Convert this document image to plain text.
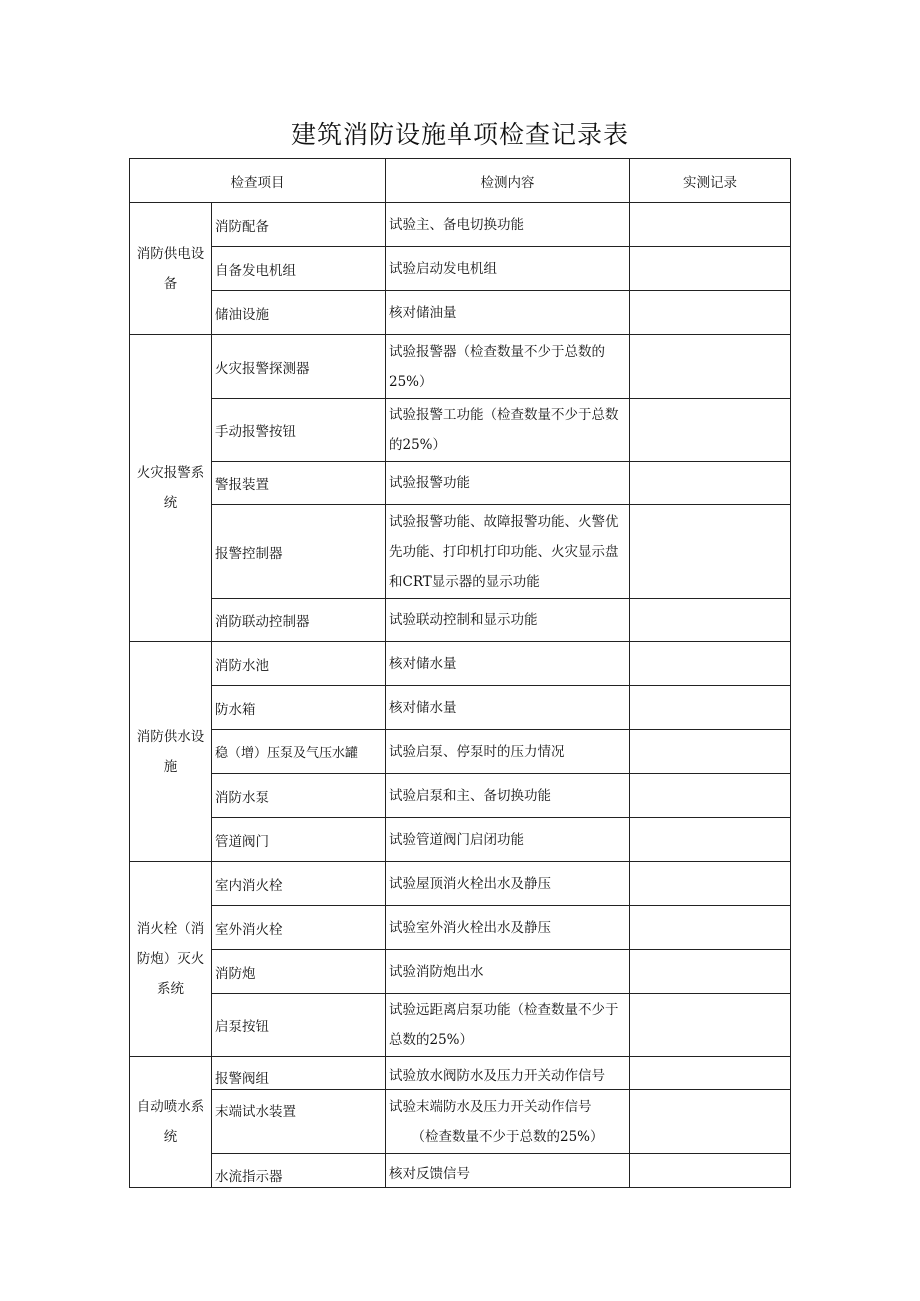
建筑消防设施单项检查记录表
检查项目		检测内容	实测记录
消防供电设备	消防配备	试验主、备电切换功能	
	自备发电机组	试验启动发电机组	
	储油设施	核对储油量	
火灾报警系统	火灾报警探测器	试验报警器（检查数量不少于总数的25%）	
	手动报警按钮	试验报警工功能（检查数量不少于总数的25%）	
	警报装置	试验报警功能	
	报警控制器	试验报警功能、故障报警功能、火警优先功能、打印机打印功能、火灾显示盘和CRT显示器的显示功能	
	消防联动控制器	试验联动控制和显示功能	
消防供水设施	消防水池	核对储水量	
	防水箱	核对储水量	
	稳（增）压泵及气压水罐	试验启泵、停泵时的压力情况	
	消防水泵	试验启泵和主、备切换功能	
	管道阀门	试验管道阀门启闭功能	
消火栓（消防炮）灭火系统	室内消火栓	试验屋顶消火栓出水及静压	
	室外消火栓	试验室外消火栓出水及静压	
	消防炮	试验消防炮出水	
	启泵按钮	试验远距离启泵功能（检查数量不少于总数的25%）	
自动喷水系统	报警阀组	试验放水阀防水及压力开关动作信号	
	末端试水装置	试验末端防水及压力开关动作信号
（检查数量不少于总数的25%）	

	水流指示器	核对反馈信号	
